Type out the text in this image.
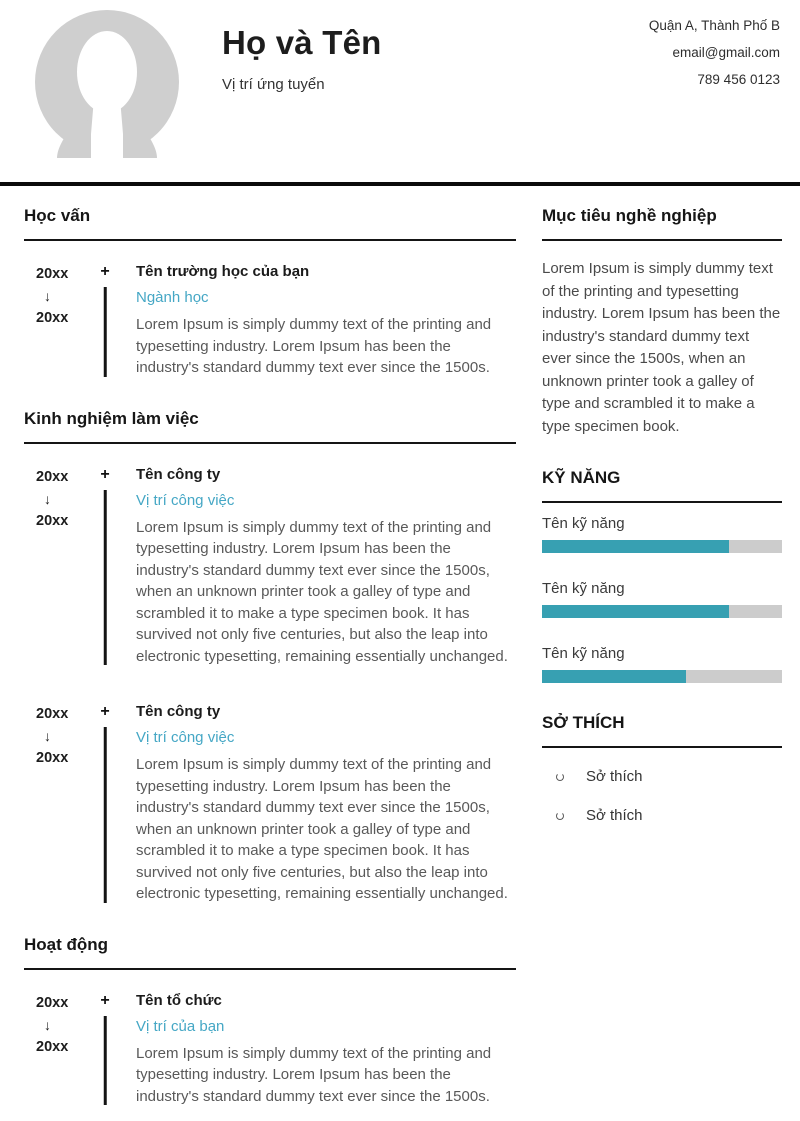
Họ và Tên
Vị trí ứng tuyển
Quận A, Thành Phố B
email@gmail.com
789 456 0123
Học vấn
20xx
↓
20xx
+ Tên trường học của bạn
Ngành học

Lorem Ipsum is simply dummy text of the printing and typesetting industry. Lorem Ipsum has been the industry's standard dummy text ever since the 1500s.

Kinh nghiệm làm việc
20xx
↓
20xx
+ Tên công ty
Vị trí công việc

Lorem Ipsum is simply dummy text of the printing and typesetting industry. Lorem Ipsum has been the industry's standard dummy text ever since the 1500s, when an unknown printer took a galley of type and scrambled it to make a type specimen book. It has survived not only five centuries, but also the leap into electronic typesetting, remaining essentially unchanged.

20xx
↓
20xx
+ Tên công ty
Vị trí công việc

Lorem Ipsum is simply dummy text of the printing and typesetting industry. Lorem Ipsum has been the industry's standard dummy text ever since the 1500s, when an unknown printer took a galley of type and scrambled it to make a type specimen book. It has survived not only five centuries, but also the leap into electronic typesetting, remaining essentially unchanged.

Hoạt động
20xx
↓
20xx
+ Tên tổ chức
Vị trí của bạn

Lorem Ipsum is simply dummy text of the printing and typesetting industry. Lorem Ipsum has been the industry's standard dummy text ever since the 1500s.

Mục tiêu nghề nghiệp

Lorem Ipsum is simply dummy text of the printing and typesetting industry. Lorem Ipsum has been the industry's standard dummy text ever since the 1500s, when an unknown printer took a galley of type and scrambled it to make a type specimen book.

KỸ NĂNG
Tên kỹ năng
Tên kỹ năng
Tên kỹ năng
SỞ THÍCH
Sở thích
Sở thích
